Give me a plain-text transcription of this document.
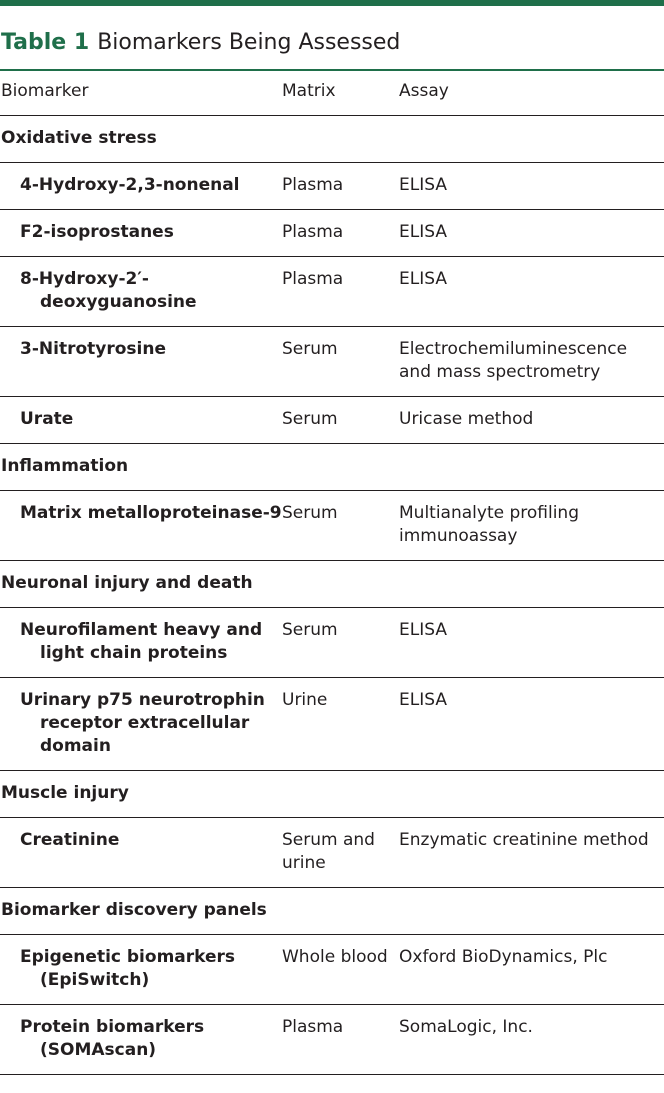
Table 1 Biomarkers Being Assessed
Biomarker	Matrix	Assay
Oxidative stress		

4-Hydroxy-2,3-nonenal	Plasma	ELISA

F2-isoprostanes	Plasma	ELISA

8-Hydroxy-2′-deoxyguanosine	Plasma	ELISA

3-Nitrotyrosine	Serum	Electrochemiluminescence and mass spectrometry

Urate	Serum	Uricase method
Inflammation		

Matrix metalloproteinase-9	Serum	Multianalyte profiling immunoassay
Neuronal injury and death		

Neurofilament heavy and light chain proteins	Serum	ELISA

Urinary p75 neurotrophin receptor extracellular domain	Urine	ELISA
Muscle injury		

Creatinine	Serum and urine	Enzymatic creatinine method
Biomarker discovery panels		

Epigenetic biomarkers (EpiSwitch)	Whole blood	Oxford BioDynamics, Plc

Protein biomarkers (SOMAscan)	Plasma	SomaLogic, Inc.
